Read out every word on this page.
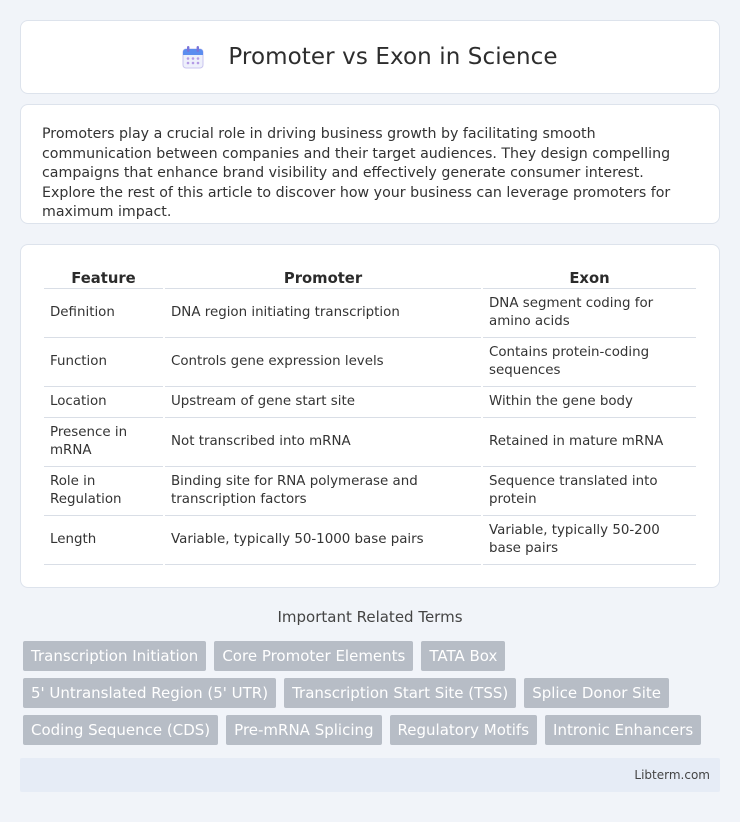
Promoter vs Exon in Science

Promoters play a crucial role in driving business growth by facilitating smooth communication between companies and their target audiences. They design compelling campaigns that enhance brand visibility and effectively generate consumer interest. Explore the rest of this article to discover how your business can leverage promoters for maximum impact.

Feature	Promoter	Exon
Definition	DNA region initiating transcription	DNA segment coding for amino acids
Function	Controls gene expression levels	Contains protein-coding sequences
Location	Upstream of gene start site	Within the gene body
Presence in mRNA	Not transcribed into mRNA	Retained in mature mRNA
Role in Regulation	Binding site for RNA polymerase and transcription factors	Sequence translated into protein
Length	Variable, typically 50-1000 base pairs	Variable, typically 50-200 base pairs
Important Related Terms
Transcription Initiation	Core Promoter Elements	TATA Box
5' Untranslated Region (5' UTR)	Transcription Start Site (TSS)	Splice Donor Site
Coding Sequence (CDS)	Pre-mRNA Splicing	Regulatory Motifs	Intronic Enhancers
Libterm.com
